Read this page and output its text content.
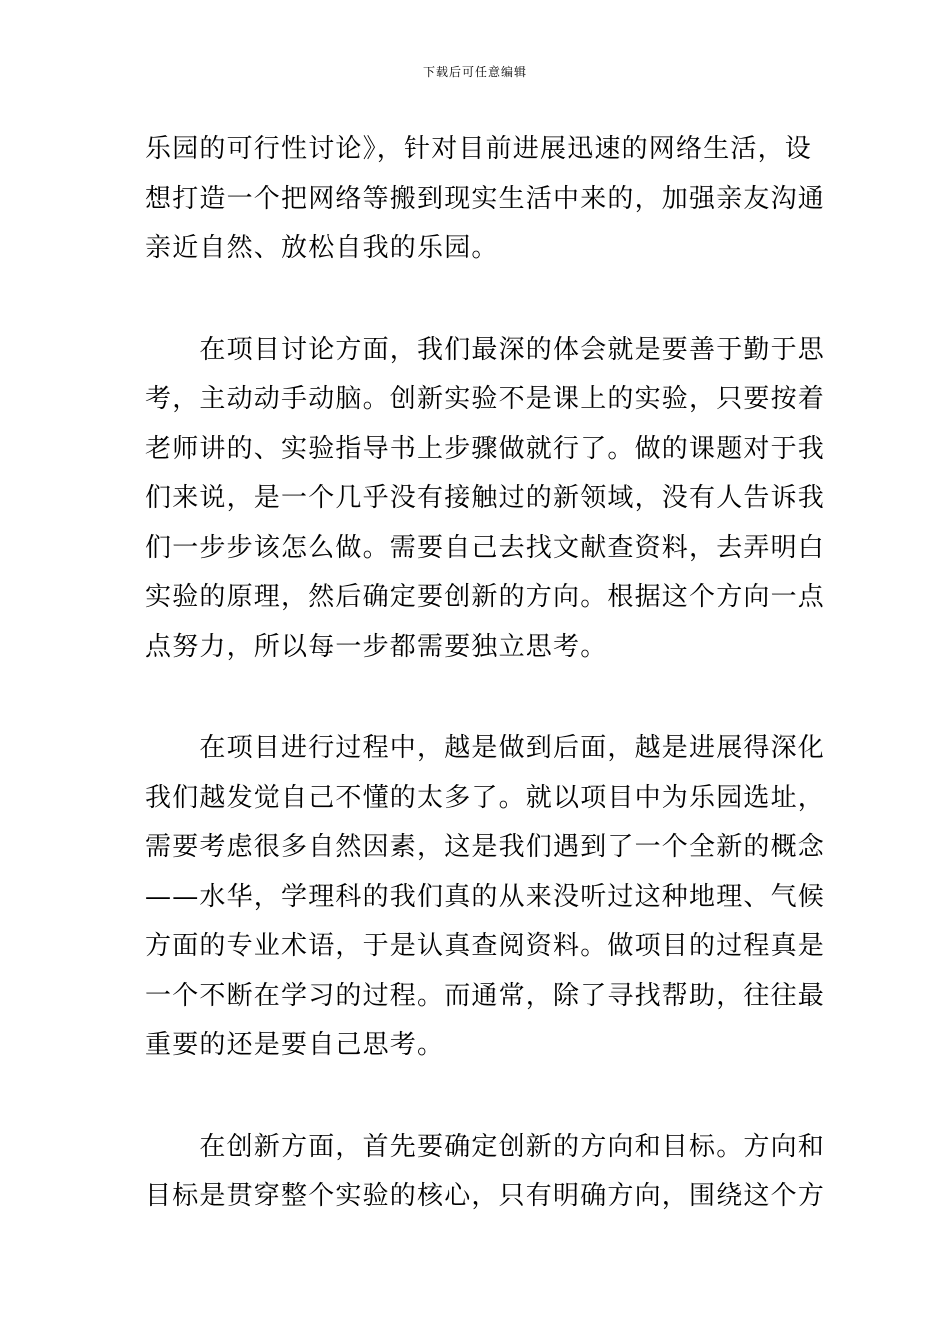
下载后可任意编辑

乐园的可行性讨论》，针对目前进展迅速的网络生活，设
想打造一个把网络等搬到现实生活中来的，加强亲友沟通
亲近自然、放松自我的乐园。

　　在项目讨论方面，我们最深的体会就是要善于勤于思
考，主动动手动脑。创新实验不是课上的实验，只要按着
老师讲的、实验指导书上步骤做就行了。做的课题对于我
们来说，是一个几乎没有接触过的新领域，没有人告诉我
们一步步该怎么做。需要自己去找文献查资料，去弄明白
实验的原理，然后确定要创新的方向。根据这个方向一点
点努力，所以每一步都需要独立思考。

　　在项目进行过程中，越是做到后面，越是进展得深化
我们越发觉自己不懂的太多了。就以项目中为乐园选址，
需要考虑很多自然因素，这是我们遇到了一个全新的概念
——水华，学理科的我们真的从来没听过这种地理、气候
方面的专业术语，于是认真查阅资料。做项目的过程真是
一个不断在学习的过程。而通常，除了寻找帮助，往往最
重要的还是要自己思考。

　　在创新方面，首先要确定创新的方向和目标。方向和
目标是贯穿整个实验的核心，只有明确方向，围绕这个方
